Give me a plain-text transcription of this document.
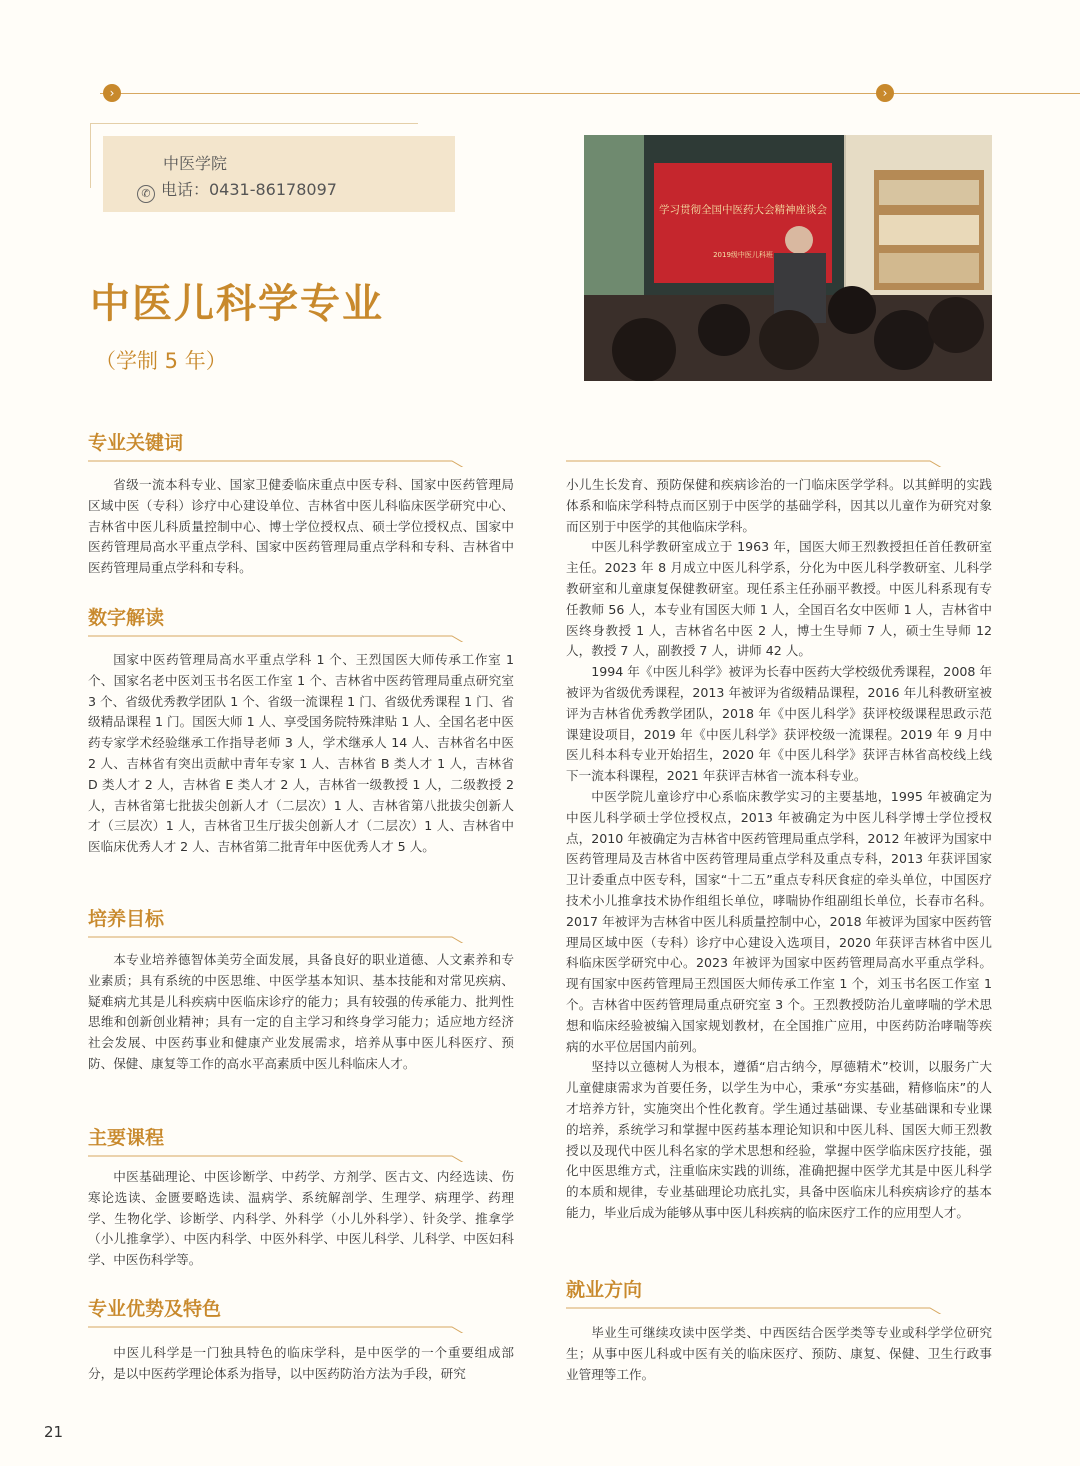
›	›
中医学院
✆ 电话：0431-86178097
中医儿科学专业
（学制 5 年）
学习贯彻全国中医药大会精神座谈会
2019级中医儿科班
专业关键词

省级一流本科专业、国家卫健委临床重点中医专科、国家中医药管理局区域中医（专科）诊疗中心建设单位、吉林省中医儿科临床医学研究中心、吉林省中医儿科质量控制中心、博士学位授权点、硕士学位授权点、国家中医药管理局高水平重点学科、国家中医药管理局重点学科和专科、吉林省中医药管理局重点学科和专科。

数字解读

国家中医药管理局高水平重点学科 1 个、王烈国医大师传承工作室 1 个、国家名老中医刘玉书名医工作室 1 个、吉林省中医药管理局重点研究室 3 个、省级优秀教学团队 1 个、省级一流课程 1 门、省级优秀课程 1 门、省级精品课程 1 门。国医大师 1 人、享受国务院特殊津贴 1 人、全国名老中医药专家学术经验继承工作指导老师 3 人，学术继承人 14 人、吉林省名中医 2 人、吉林省有突出贡献中青年专家 1 人、吉林省 B 类人才 1 人，吉林省 D 类人才 2 人，吉林省 E 类人才 2 人，吉林省一级教授 1 人，二级教授 2 人，吉林省第七批拔尖创新人才（二层次）1 人、吉林省第八批拔尖创新人才（三层次）1 人，吉林省卫生厅拔尖创新人才（二层次）1 人、吉林省中医临床优秀人才 2 人、吉林省第二批青年中医优秀人才 5 人。

培养目标

本专业培养德智体美劳全面发展，具备良好的职业道德、人文素养和专业素质；具有系统的中医思维、中医学基本知识、基本技能和对常见疾病、疑难病尤其是儿科疾病中医临床诊疗的能力；具有较强的传承能力、批判性思维和创新创业精神；具有一定的自主学习和终身学习能力；适应地方经济社会发展、中医药事业和健康产业发展需求，培养从事中医儿科医疗、预防、保健、康复等工作的高水平高素质中医儿科临床人才。

主要课程

中医基础理论、中医诊断学、中药学、方剂学、医古文、内经选读、伤寒论选读、金匮要略选读、温病学、系统解剖学、生理学、病理学、药理学、生物化学、诊断学、内科学、外科学（小儿外科学）、针灸学、推拿学（小儿推拿学）、中医内科学、中医外科学、中医儿科学、儿科学、中医妇科学、中医伤科学等。

专业优势及特色

中医儿科学是一门独具特色的临床学科，是中医学的一个重要组成部分，是以中医药学理论体系为指导，以中医药防治方法为手段，研究

小儿生长发育、预防保健和疾病诊治的一门临床医学学科。以其鲜明的实践体系和临床学科特点而区别于中医学的基础学科，因其以儿童作为研究对象而区别于中医学的其他临床学科。

中医儿科学教研室成立于 1963 年，国医大师王烈教授担任首任教研室主任。2023 年 8 月成立中医儿科学系，分化为中医儿科学教研室、儿科学教研室和儿童康复保健教研室。现任系主任孙丽平教授。中医儿科系现有专任教师 56 人，本专业有国医大师 1 人，全国百名女中医师 1 人，吉林省中医终身教授 1 人，吉林省名中医 2 人，博士生导师 7 人，硕士生导师 12 人，教授 7 人，副教授 7 人，讲师 42 人。

1994 年《中医儿科学》被评为长春中医药大学校级优秀课程，2008 年被评为省级优秀课程，2013 年被评为省级精品课程，2016 年儿科教研室被评为吉林省优秀教学团队，2018 年《中医儿科学》获评校级课程思政示范课建设项目，2019 年《中医儿科学》获评校级一流课程。2019 年 9 月中医儿科本科专业开始招生，2020 年《中医儿科学》获评吉林省高校线上线下一流本科课程，2021 年获评吉林省一流本科专业。

中医学院儿童诊疗中心系临床教学实习的主要基地，1995 年被确定为中医儿科学硕士学位授权点，2013 年被确定为中医儿科学博士学位授权点，2010 年被确定为吉林省中医药管理局重点学科，2012 年被评为国家中医药管理局及吉林省中医药管理局重点学科及重点专科，2013 年获评国家卫计委重点中医专科，国家“十二五”重点专科厌食症的牵头单位，中国医疗技术小儿推拿技术协作组组长单位，哮喘协作组副组长单位，长春市名科。2017 年被评为吉林省中医儿科质量控制中心，2018 年被评为国家中医药管理局区域中医（专科）诊疗中心建设入选项目，2020 年获评吉林省中医儿科临床医学研究中心。2023 年被评为国家中医药管理局高水平重点学科。现有国家中医药管理局王烈国医大师传承工作室 1 个，刘玉书名医工作室 1 个。吉林省中医药管理局重点研究室 3 个。王烈教授防治儿童哮喘的学术思想和临床经验被编入国家规划教材，在全国推广应用，中医药防治哮喘等疾病的水平位居国内前列。

坚持以立德树人为根本，遵循“启古纳今，厚德精术”校训，以服务广大儿童健康需求为首要任务，以学生为中心，秉承“夯实基础，精修临床”的人才培养方针，实施突出个性化教育。学生通过基础课、专业基础课和专业课的培养，系统学习和掌握中医药基本理论知识和中医儿科、国医大师王烈教授以及现代中医儿科名家的学术思想和经验，掌握中医学临床医疗技能，强化中医思维方式，注重临床实践的训练，准确把握中医学尤其是中医儿科学的本质和规律，专业基础理论功底扎实，具备中医临床儿科疾病诊疗的基本能力，毕业后成为能够从事中医儿科疾病的临床医疗工作的应用型人才。

就业方向

毕业生可继续攻读中医学类、中西医结合医学类等专业或科学学位研究生；从事中医儿科或中医有关的临床医疗、预防、康复、保健、卫生行政事业管理等工作。

21
